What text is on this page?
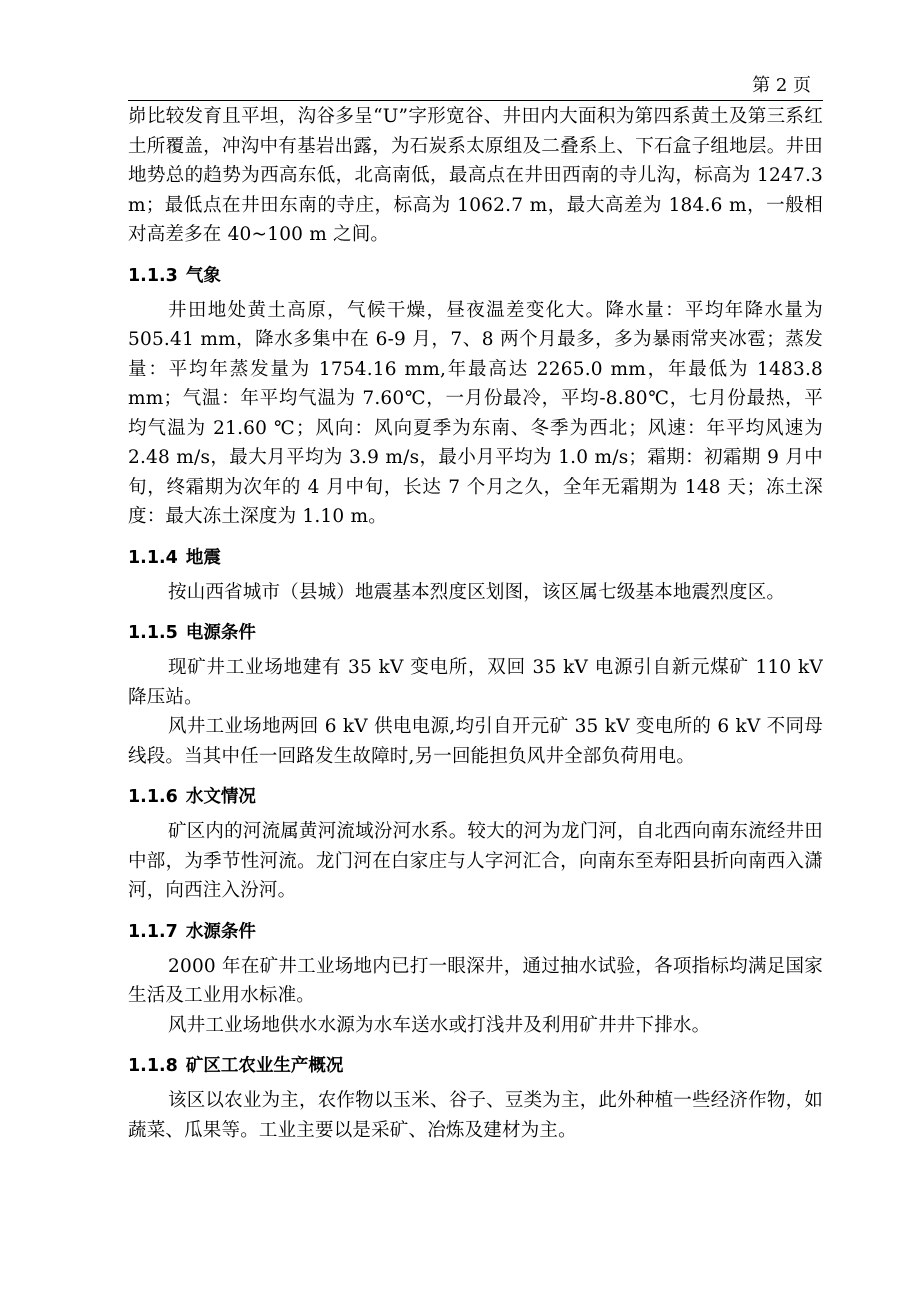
第 2 页

峁比较发育且平坦，沟谷多呈“U”字形宽谷、井田内大面积为第四系黄土及第三系红土所覆盖，冲沟中有基岩出露，为石炭系太原组及二叠系上、下石盒子组地层。井田地势总的趋势为西高东低，北高南低，最高点在井田西南的寺儿沟，标高为 1247.3 m；最低点在井田东南的寺庄，标高为 1062.7 m，最大高差为 184.6 m，一般相对高差多在 40~100 m 之间。

1.1.3 气象

井田地处黄土高原，气候干燥，昼夜温差变化大。降水量：平均年降水量为 505.41 mm，降水多集中在 6-9 月，7、8 两个月最多，多为暴雨常夹冰雹；蒸发量：平均年蒸发量为 1754.16 mm,年最高达 2265.0 mm，年最低为 1483.8 mm；气温：年平均气温为 7.60℃，一月份最冷，平均-8.80℃，七月份最热，平均气温为 21.60 ℃；风向：风向夏季为东南、冬季为西北；风速：年平均风速为 2.48 m/s，最大月平均为 3.9 m/s，最小月平均为 1.0 m/s；霜期：初霜期 9 月中旬，终霜期为次年的 4 月中旬，长达 7 个月之久，全年无霜期为 148 天；冻土深度：最大冻土深度为 1.10 m。

1.1.4 地震

按山西省城市（县城）地震基本烈度区划图，该区属七级基本地震烈度区。

1.1.5 电源条件

现矿井工业场地建有 35 kV 变电所，双回 35 kV 电源引自新元煤矿 110 kV 降压站。

风井工业场地两回 6 kV 供电电源,均引自开元矿 35 kV 变电所的 6 kV 不同母线段。当其中任一回路发生故障时,另一回能担负风井全部负荷用电。

1.1.6 水文情况

矿区内的河流属黄河流域汾河水系。较大的河为龙门河，自北西向南东流经井田中部，为季节性河流。龙门河在白家庄与人字河汇合，向南东至寿阳县折向南西入潇河，向西注入汾河。

1.1.7 水源条件

2000 年在矿井工业场地内已打一眼深井，通过抽水试验，各项指标均满足国家生活及工业用水标准。

风井工业场地供水水源为水车送水或打浅井及利用矿井井下排水。

1.1.8 矿区工农业生产概况

该区以农业为主，农作物以玉米、谷子、豆类为主，此外种植一些经济作物，如蔬菜、瓜果等。工业主要以是采矿、冶炼及建材为主。
